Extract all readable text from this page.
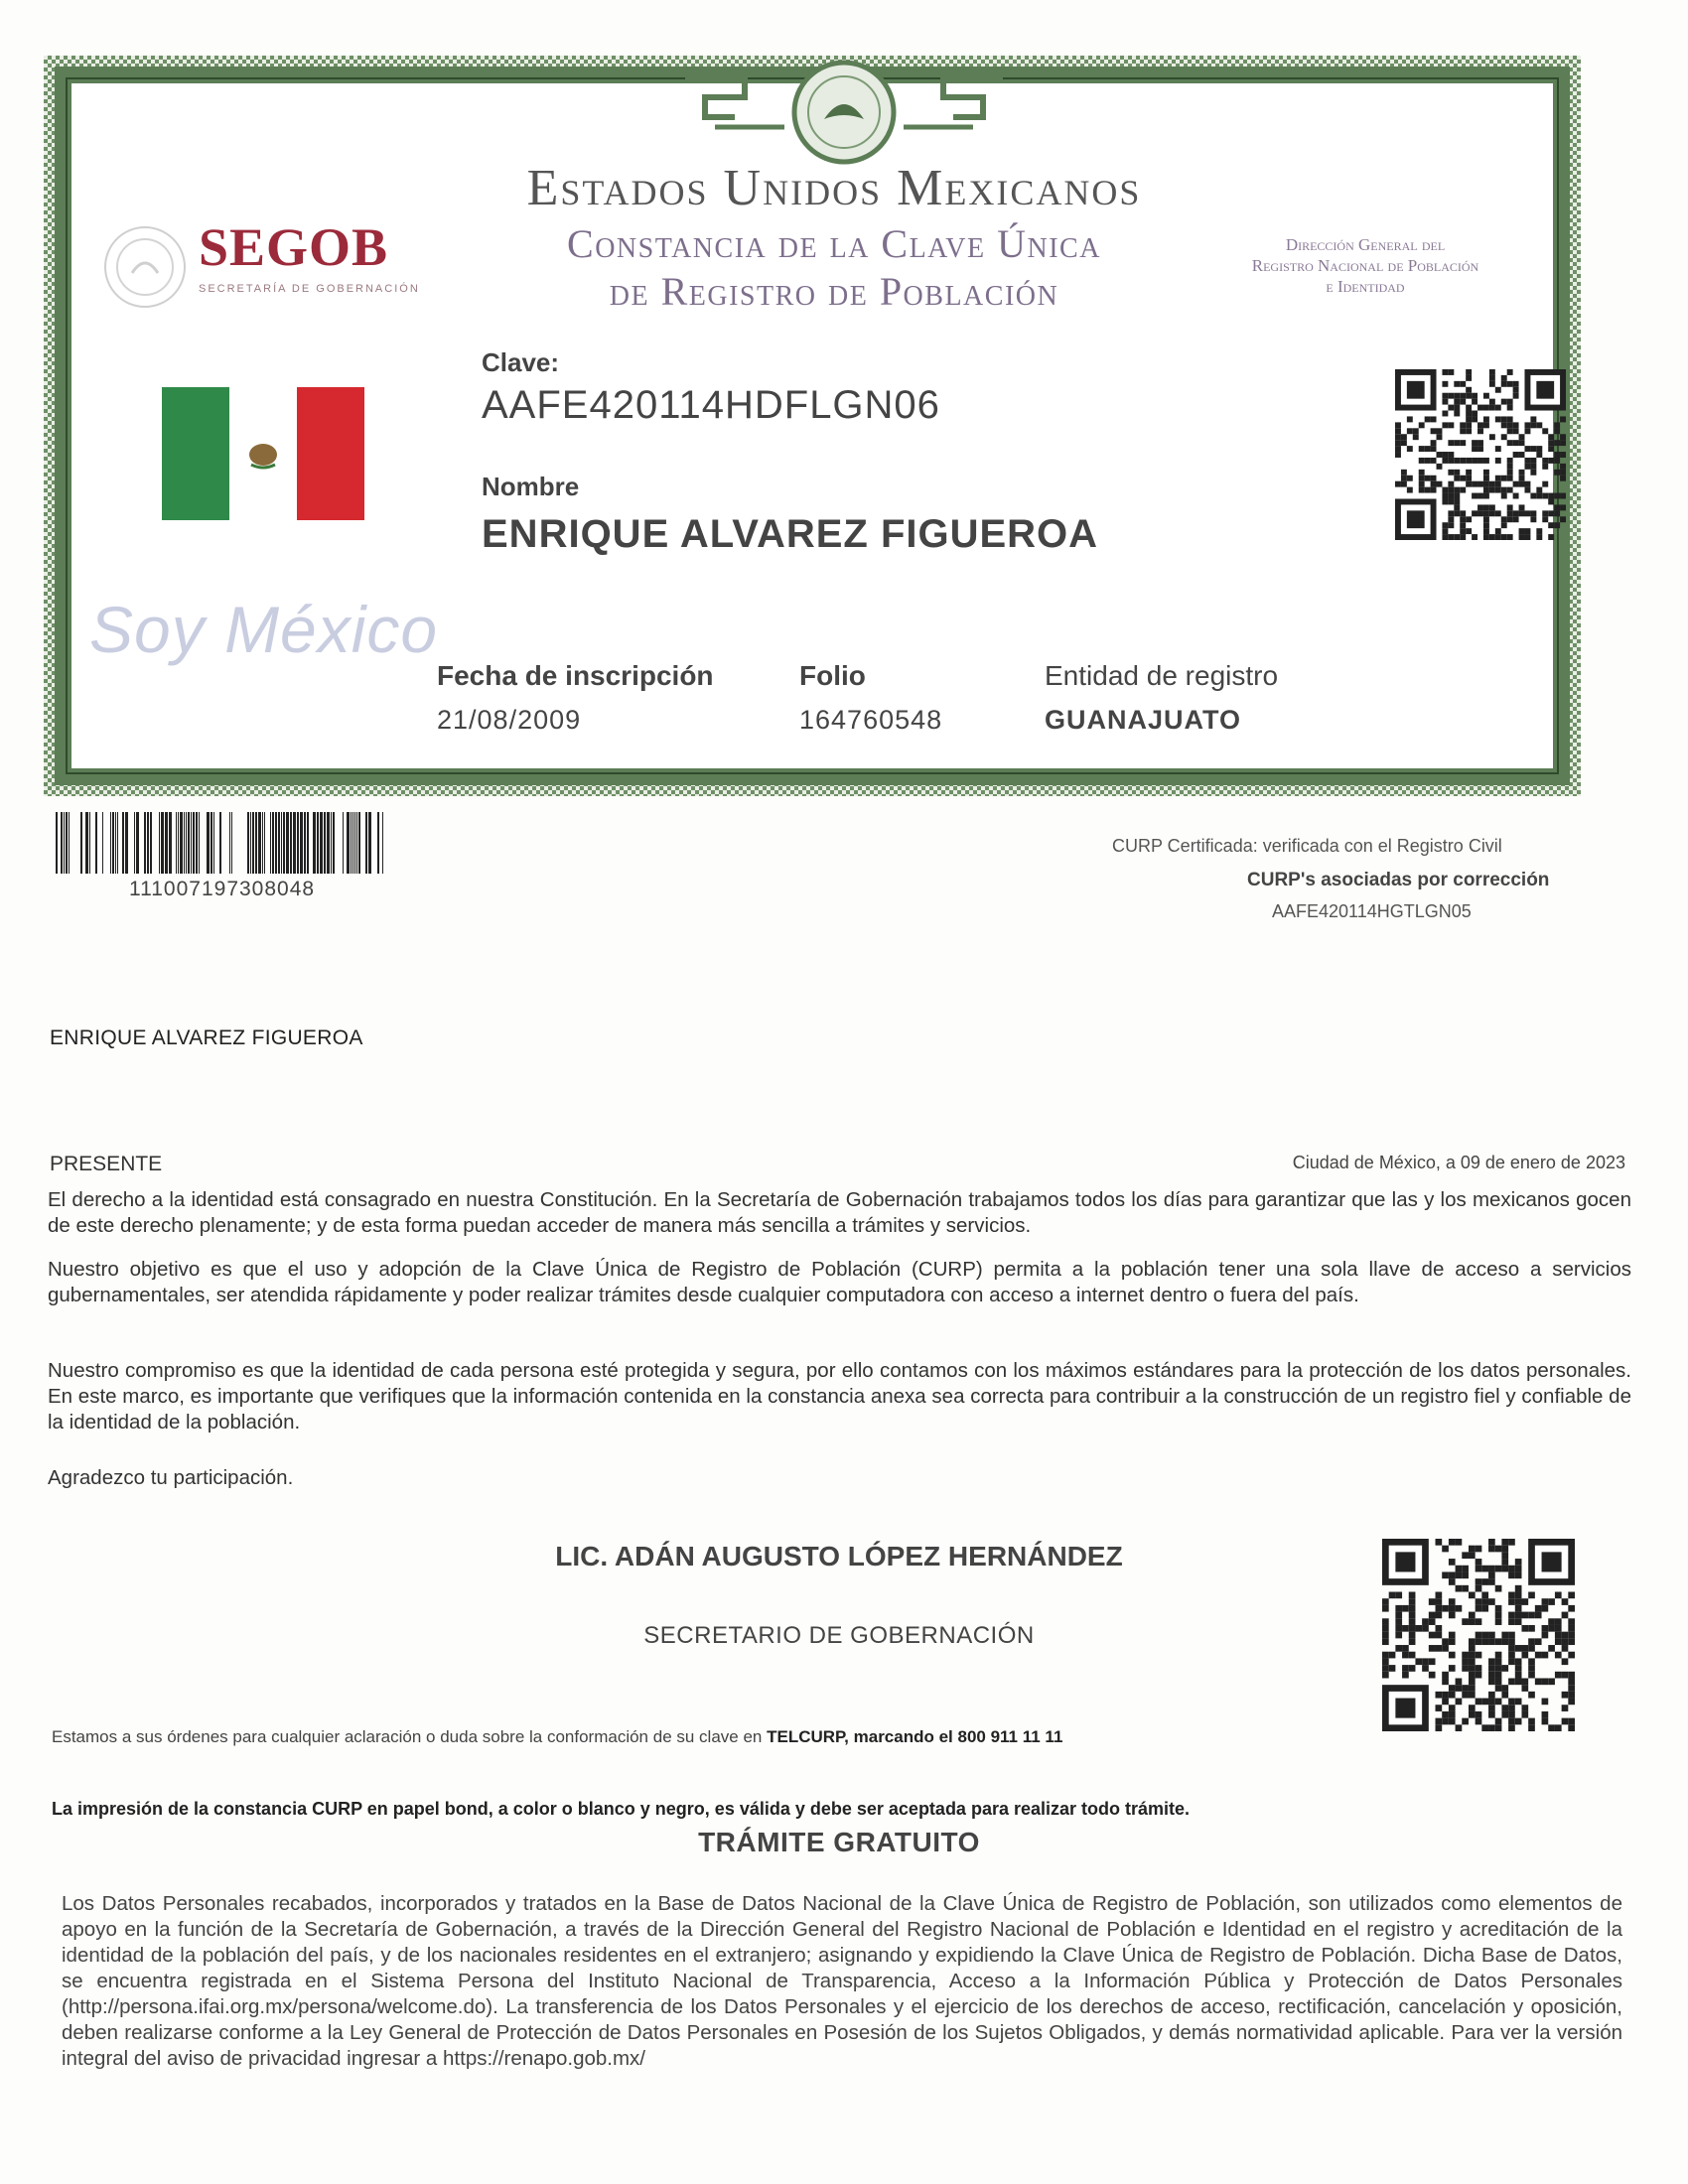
Estados Unidos Mexicanos
Constancia de la Clave Única
de Registro de Población
SEGOB
SECRETARÍA DE GOBERNACIÓN
Dirección General del
Registro Nacional de Población
e Identidad
Soy México
Clave:
AAFE420114HDFLGN06
Nombre
ENRIQUE ALVAREZ FIGUEROA
Fecha de inscripción
21/08/2009
Folio
164760548
Entidad de registro
GUANAJUATO
111007197308048
CURP Certificada: verificada con el Registro Civil
CURP's asociadas por corrección
AAFE420114HGTLGN05
ENRIQUE ALVAREZ FIGUEROA
PRESENTE	Ciudad de México, a 09 de enero de 2023
El derecho a la identidad está consagrado en nuestra Constitución. En la Secretaría de Gobernación trabajamos todos los días para garantizar que las y los mexicanos gocen de este derecho plenamente; y de esta forma puedan acceder de manera más sencilla a trámites y servicios.
Nuestro objetivo es que el uso y adopción de la Clave Única de Registro de Población (CURP) permita a la población tener una sola llave de acceso a servicios gubernamentales, ser atendida rápidamente y poder realizar trámites desde cualquier computadora con acceso a internet dentro o fuera del país.
Nuestro compromiso es que la identidad de cada persona esté protegida y segura, por ello contamos con los máximos estándares para la protección de los datos personales. En este marco, es importante que verifiques que la información contenida en la constancia anexa sea correcta para contribuir a la construcción de un registro fiel y confiable de la identidad de la población.
Agradezco tu participación.
LIC. ADÁN AUGUSTO LÓPEZ HERNÁNDEZ
SECRETARIO DE GOBERNACIÓN
Estamos a sus órdenes para cualquier aclaración o duda sobre la conformación de su clave en TELCURP, marcando el 800 911 11 11
La impresión de la constancia CURP en papel bond, a color o blanco y negro, es válida y debe ser aceptada para realizar todo trámite.
TRÁMITE GRATUITO
Los Datos Personales recabados, incorporados y tratados en la Base de Datos Nacional de la Clave Única de Registro de Población, son utilizados como elementos de apoyo en la función de la Secretaría de Gobernación, a través de la Dirección General del Registro Nacional de Población e Identidad en el registro y acreditación de la identidad de la población del país, y de los nacionales residentes en el extranjero; asignando y expidiendo la Clave Única de Registro de Población. Dicha Base de Datos, se encuentra registrada en el Sistema Persona del Instituto Nacional de Transparencia, Acceso a la Información Pública y Protección de Datos Personales (http://persona.ifai.org.mx/persona/welcome.do). La transferencia de los Datos Personales y el ejercicio de los derechos de acceso, rectificación, cancelación y oposición, deben realizarse conforme a la Ley General de Protección de Datos Personales en Posesión de los Sujetos Obligados, y demás normatividad aplicable. Para ver la versión integral del aviso de privacidad ingresar a https://renapo.gob.mx/
